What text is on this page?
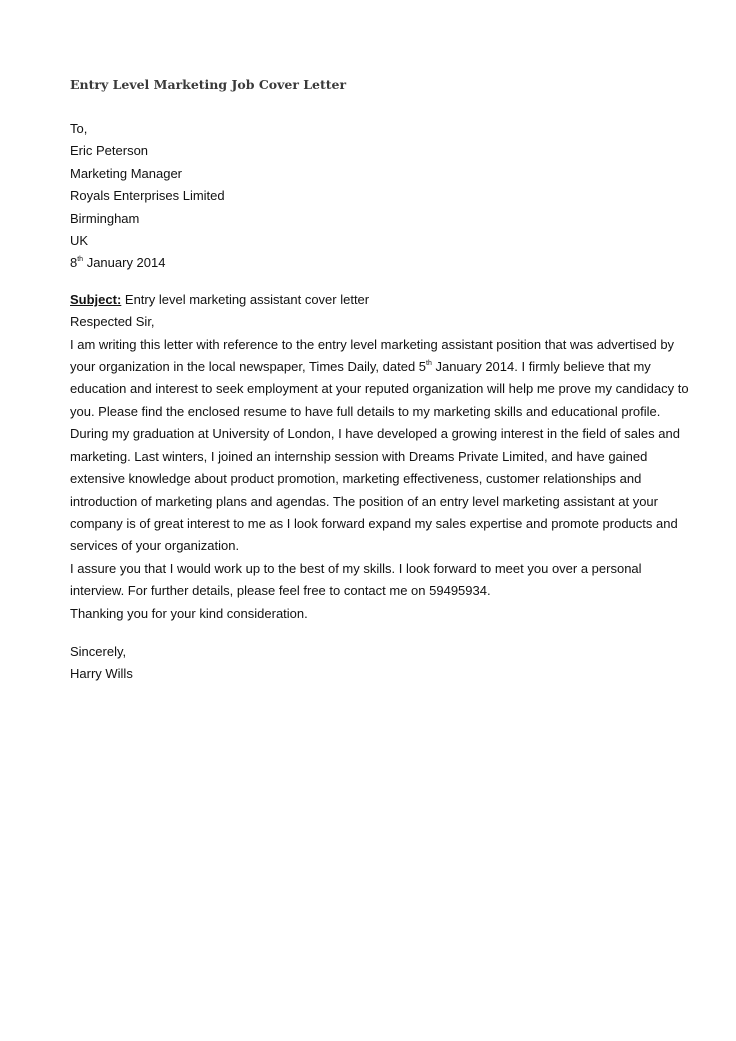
Entry Level Marketing Job Cover Letter
To,
Eric Peterson
Marketing Manager
Royals Enterprises Limited
Birmingham
UK
8th January 2014
Subject: Entry level marketing assistant cover letter
Respected Sir,
I am writing this letter with reference to the entry level marketing assistant position that was advertised by
your organization in the local newspaper, Times Daily, dated 5th January 2014. I firmly believe that my
education and interest to seek employment at your reputed organization will help me prove my candidacy to
you. Please find the enclosed resume to have full details to my marketing skills and educational profile.
During my graduation at University of London, I have developed a growing interest in the field of sales and
marketing. Last winters, I joined an internship session with Dreams Private Limited, and have gained
extensive knowledge about product promotion, marketing effectiveness, customer relationships and
introduction of marketing plans and agendas. The position of an entry level marketing assistant at your
company is of great interest to me as I look forward expand my sales expertise and promote products and
services of your organization.
I assure you that I would work up to the best of my skills. I look forward to meet you over a personal
interview. For further details, please feel free to contact me on 59495934.
Thanking you for your kind consideration.
Sincerely,
Harry Wills
